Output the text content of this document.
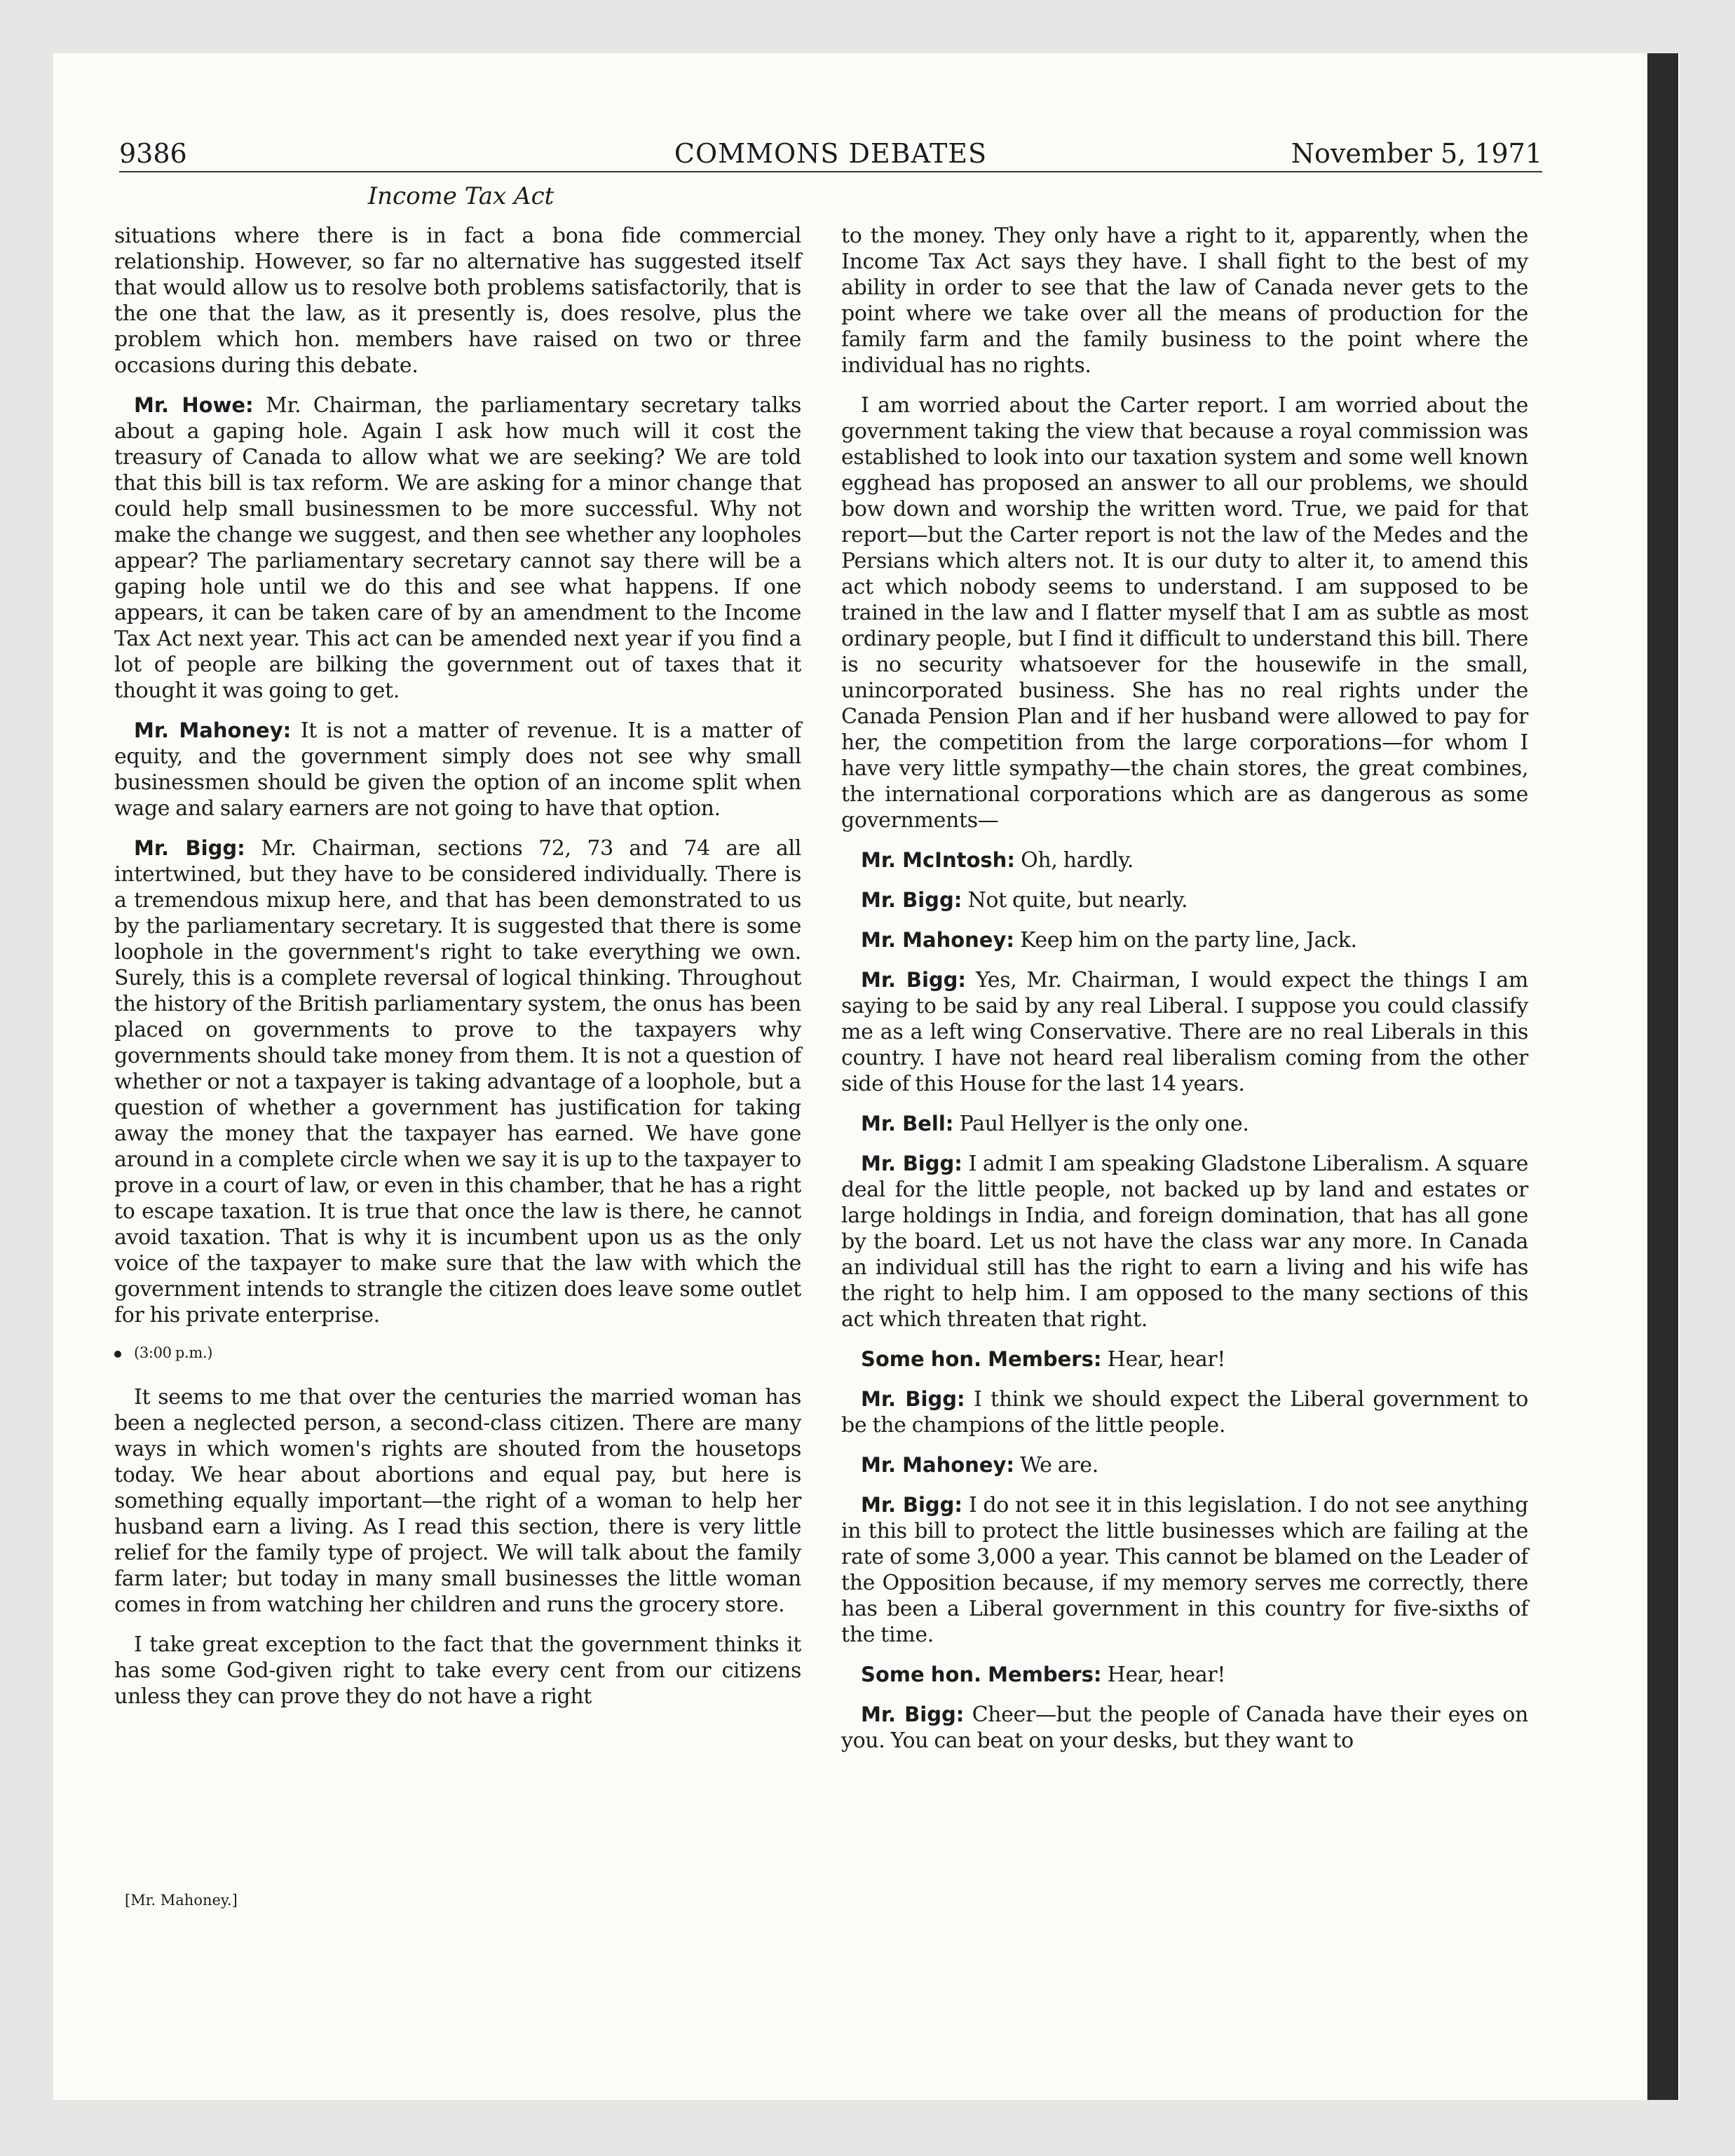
9386	COMMONS DEBATES	November 5, 1971
Income Tax Act

situations where there is in fact a bona fide commercial relationship. However, so far no alternative has suggested itself that would allow us to resolve both problems satisfactorily, that is the one that the law, as it presently is, does resolve, plus the problem which hon. members have raised on two or three occasions during this debate.

Mr. Howe: Mr. Chairman, the parliamentary secretary talks about a gaping hole. Again I ask how much will it cost the treasury of Canada to allow what we are seeking? We are told that this bill is tax reform. We are asking for a minor change that could help small businessmen to be more successful. Why not make the change we suggest, and then see whether any loopholes appear? The parliamentary secretary cannot say there will be a gaping hole until we do this and see what happens. If one appears, it can be taken care of by an amendment to the Income Tax Act next year. This act can be amended next year if you find a lot of people are bilking the government out of taxes that it thought it was going to get.

Mr. Mahoney: It is not a matter of revenue. It is a matter of equity, and the government simply does not see why small businessmen should be given the option of an income split when wage and salary earners are not going to have that option.

Mr. Bigg: Mr. Chairman, sections 72, 73 and 74 are all intertwined, but they have to be considered individually. There is a tremendous mixup here, and that has been demonstrated to us by the parliamentary secretary. It is suggested that there is some loophole in the government's right to take everything we own. Surely, this is a complete reversal of logical thinking. Throughout the history of the British parliamentary system, the onus has been placed on governments to prove to the taxpayers why governments should take money from them. It is not a question of whether or not a taxpayer is taking advantage of a loophole, but a question of whether a government has justification for taking away the money that the taxpayer has earned. We have gone around in a complete circle when we say it is up to the taxpayer to prove in a court of law, or even in this chamber, that he has a right to escape taxation. It is true that once the law is there, he cannot avoid taxation. That is why it is incumbent upon us as the only voice of the taxpayer to make sure that the law with which the government intends to strangle the citizen does leave some outlet for his private enterprise.

(3:00 p.m.)

It seems to me that over the centuries the married woman has been a neglected person, a second-class citizen. There are many ways in which women's rights are shouted from the housetops today. We hear about abortions and equal pay, but here is something equally important—the right of a woman to help her husband earn a living. As I read this section, there is very little relief for the family type of project. We will talk about the family farm later; but today in many small businesses the little woman comes in from watching her children and runs the grocery store.

I take great exception to the fact that the government thinks it has some God-given right to take every cent from our citizens unless they can prove they do not have a right

[Mr. Mahoney.]

to the money. They only have a right to it, apparently, when the Income Tax Act says they have. I shall fight to the best of my ability in order to see that the law of Canada never gets to the point where we take over all the means of production for the family farm and the family business to the point where the individual has no rights.

I am worried about the Carter report. I am worried about the government taking the view that because a royal commission was established to look into our taxation system and some well known egghead has proposed an answer to all our problems, we should bow down and worship the written word. True, we paid for that report—but the Carter report is not the law of the Medes and the Persians which alters not. It is our duty to alter it, to amend this act which nobody seems to understand. I am supposed to be trained in the law and I flatter myself that I am as subtle as most ordinary people, but I find it difficult to understand this bill. There is no security whatsoever for the housewife in the small, unincorporated business. She has no real rights under the Canada Pension Plan and if her husband were allowed to pay for her, the competition from the large corporations—for whom I have very little sympathy—the chain stores, the great combines, the international corporations which are as dangerous as some governments—

Mr. McIntosh: Oh, hardly.

Mr. Bigg: Not quite, but nearly.

Mr. Mahoney: Keep him on the party line, Jack.

Mr. Bigg: Yes, Mr. Chairman, I would expect the things I am saying to be said by any real Liberal. I suppose you could classify me as a left wing Conservative. There are no real Liberals in this country. I have not heard real liberalism coming from the other side of this House for the last 14 years.

Mr. Bell: Paul Hellyer is the only one.

Mr. Bigg: I admit I am speaking Gladstone Liberalism. A square deal for the little people, not backed up by land and estates or large holdings in India, and foreign domination, that has all gone by the board. Let us not have the class war any more. In Canada an individual still has the right to earn a living and his wife has the right to help him. I am opposed to the many sections of this act which threaten that right.

Some hon. Members: Hear, hear!

Mr. Bigg: I think we should expect the Liberal government to be the champions of the little people.

Mr. Mahoney: We are.

Mr. Bigg: I do not see it in this legislation. I do not see anything in this bill to protect the little businesses which are failing at the rate of some 3,000 a year. This cannot be blamed on the Leader of the Opposition because, if my memory serves me correctly, there has been a Liberal government in this country for five-sixths of the time.

Some hon. Members: Hear, hear!

Mr. Bigg: Cheer—but the people of Canada have their eyes on you. You can beat on your desks, but they want to
